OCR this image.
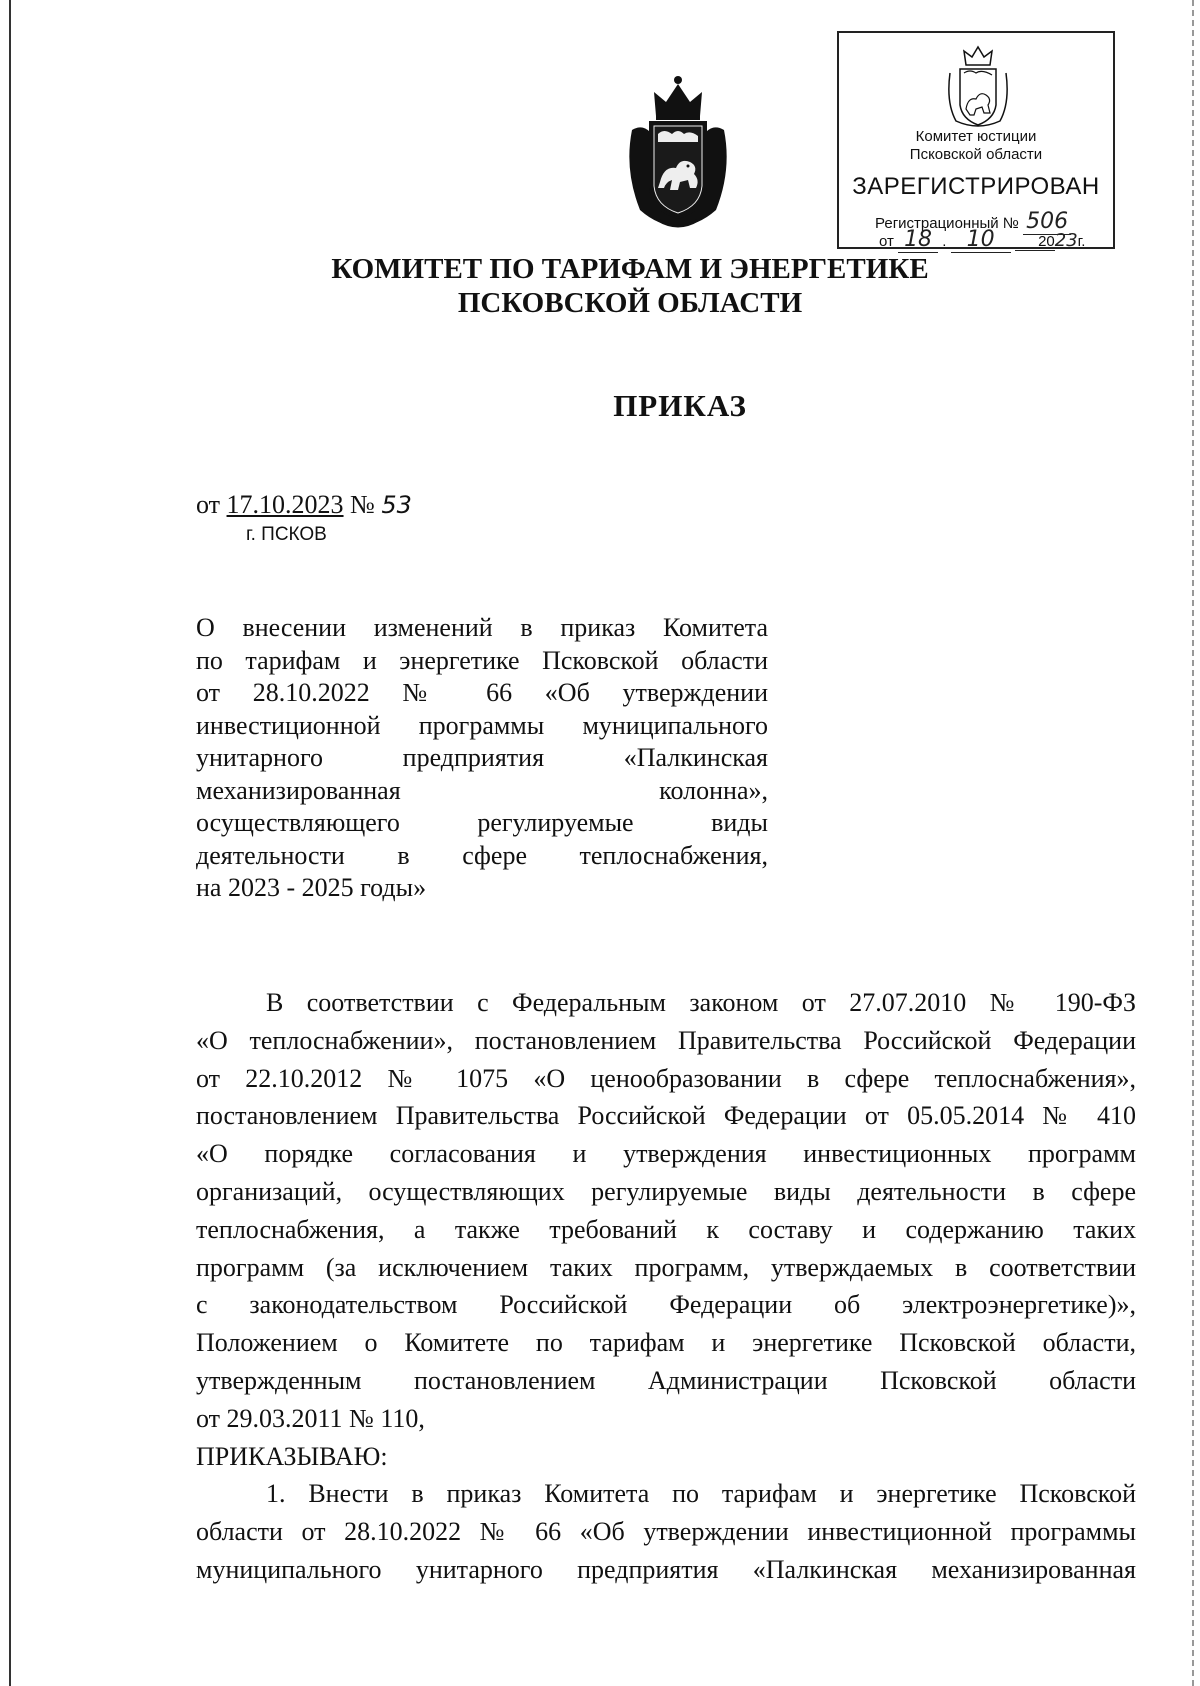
Комитет юстиции
Псковской области
ЗАРЕГИСТРИРОВАН
Регистрационный № 506
от 18 . 10	2023г.
КОМИТЕТ ПО ТАРИФАМ И ЭНЕРГЕТИКЕ
ПСКОВСКОЙ ОБЛАСТИ
ПРИКАЗ
от 17.10.2023 № 53
г. ПСКОВ
О внесении изменений в приказ Комитета
по тарифам и энергетике Псковской области
от 28.10.2022 № 66 «Об утверждении
инвестиционной программы муниципального
унитарного предприятия «Палкинская
механизированная колонна»,
осуществляющего регулируемые виды
деятельности в сфере теплоснабжения,
на 2023 - 2025 годы»
В соответствии с Федеральным законом от 27.07.2010 № 190-ФЗ
«О теплоснабжении», постановлением Правительства Российской Федерации
от 22.10.2012 № 1075 «О ценообразовании в сфере теплоснабжения»,
постановлением Правительства Российской Федерации от 05.05.2014 № 410
«О порядке согласования и утверждения инвестиционных программ
организаций, осуществляющих регулируемые виды деятельности в сфере
теплоснабжения, а также требований к составу и содержанию таких
программ (за исключением таких программ, утверждаемых в соответствии
с законодательством Российской Федерации об электроэнергетике)»,
Положением о Комитете по тарифам и энергетике Псковской области,
утвержденным постановлением Администрации Псковской области
от 29.03.2011 № 110,
ПРИКАЗЫВАЮ:
1. Внести в приказ Комитета по тарифам и энергетике Псковской
области от 28.10.2022 № 66 «Об утверждении инвестиционной программы
муниципального унитарного предприятия «Палкинская механизированная
